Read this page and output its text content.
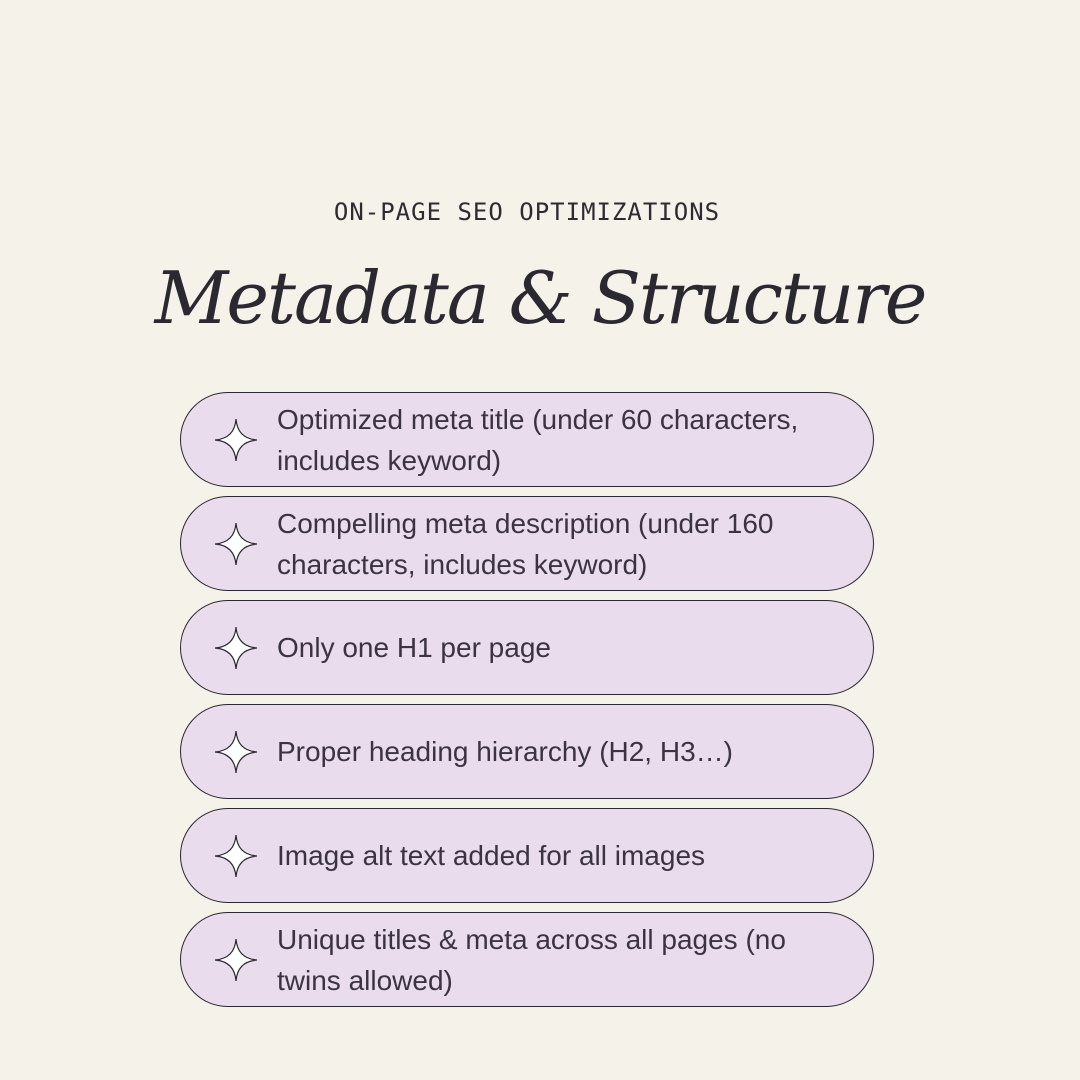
ON-PAGE SEO OPTIMIZATIONS
Metadata & Structure
Optimized meta title (under 60 characters, includes keyword)
Compelling meta description (under 160 characters, includes keyword)
Only one H1 per page
Proper heading hierarchy (H2, H3…)
Image alt text added for all images
Unique titles & meta across all pages (no twins allowed)
